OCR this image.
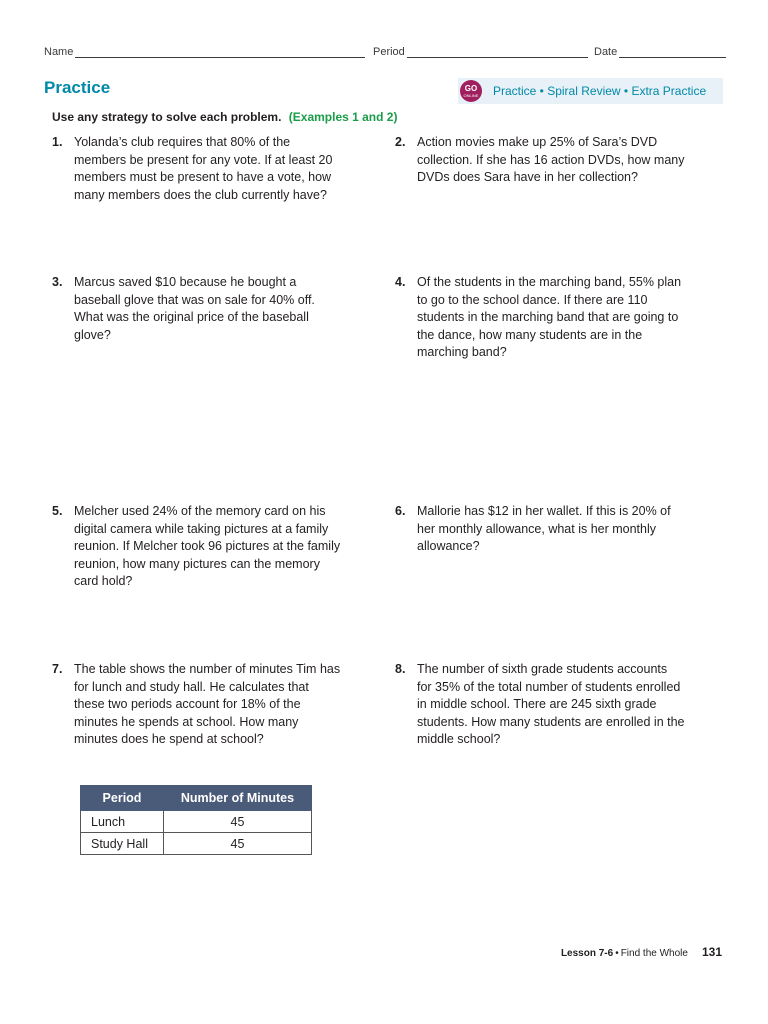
Name	Period	Date
Practice	GO
ONLINE Practice • Spiral Review • Extra Practice
Use any strategy to solve each problem. (Examples 1 and 2)
1. Yolanda’s club requires that 80% of the members be present for any vote. If at least 20 members must be present to have a vote, how many members does the club currently have?
2. Action movies make up 25% of Sara’s DVD collection. If she has 16 action DVDs, how many DVDs does Sara have in her collection?
3. Marcus saved $10 because he bought a baseball glove that was on sale for 40% off. What was the original price of the baseball glove?
4. Of the students in the marching band, 55% plan to go to the school dance. If there are 110 students in the marching band that are going to the dance, how many students are in the marching band?
5. Melcher used 24% of the memory card on his digital camera while taking pictures at a family reunion. If Melcher took 96 pictures at the family reunion, how many pictures can the memory card hold?
6. Mallorie has $12 in her wallet. If this is 20% of her monthly allowance, what is her monthly allowance?
7. The table shows the number of minutes Tim has for lunch and study hall. He calculates that these two periods account for 18% of the minutes he spends at school. How many minutes does he spend at school?
8. The number of sixth grade students accounts for 35% of the total number of students enrolled in middle school. There are 245 sixth grade students. How many students are enrolled in the middle school?
Period	Number of Minutes
Lunch	45
Study Hall	45
Lesson 7-6 • Find the Whole 131
